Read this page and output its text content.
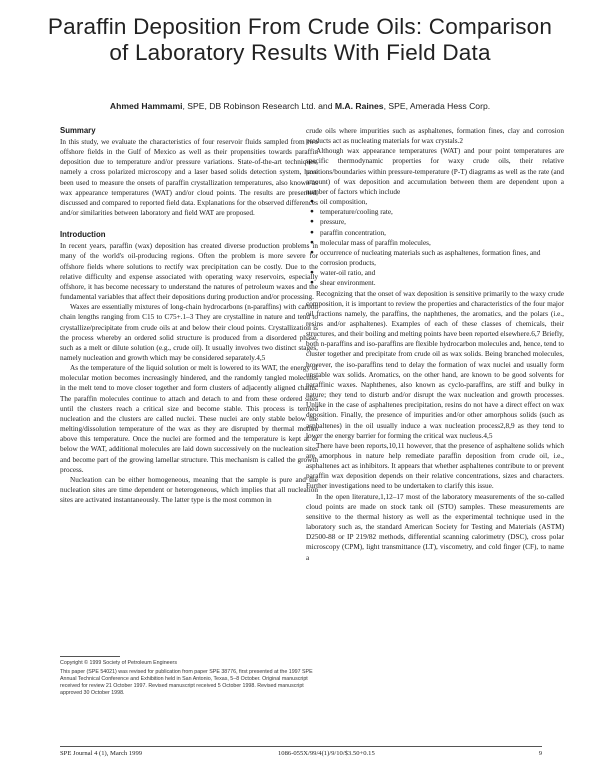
Paraffin Deposition From Crude Oils: Comparison of Laboratory Results With Field Data
Ahmed Hammami, SPE, DB Robinson Research Ltd. and M.A. Raines, SPE, Amerada Hess Corp.
Summary

In this study, we evaluate the characteristics of four reservoir fluids sampled from two offshore fields in the Gulf of Mexico as well as their propensities towards paraffin deposition due to temperature and/or pressure variations. State-of-the-art techniques, namely a cross polarized microscopy and a laser based solids detection system, have been used to measure the onsets of paraffin crystallization temperatures, also known as wax appearance temperatures (WAT) and/or cloud points. The results are presented, discussed and compared to reported field data. Explanations for the observed differences and/or similarities between laboratory and field WAT are proposed.

Introduction

In recent years, paraffin (wax) deposition has created diverse production problems in many of the world's oil-producing regions. Often the problem is more severe for offshore fields where solutions to rectify wax precipitation can be costly. Due to the relative difficulty and expense associated with operating waxy reservoirs, especially offshore, it has become necessary to understand the natures of petroleum waxes and the fundamental variables that affect their depositions during production and/or processing.

Waxes are essentially mixtures of long-chain hydrocarbons (n-paraffins) with carbon chain lengths ranging from C15 to C75+.1–3 They are crystalline in nature and tend to crystallize/precipitate from crude oils at and below their cloud points. Crystallization is the process whereby an ordered solid structure is produced from a disordered phase, such as a melt or dilute solution (e.g., crude oil). It usually involves two distinct stages, namely nucleation and growth which may be considered separately.4,5

As the temperature of the liquid solution or melt is lowered to its WAT, the energy of molecular motion becomes increasingly hindered, and the randomly tangled molecules in the melt tend to move closer together and form clusters of adjacently aligned chains. The paraffin molecules continue to attach and detach to and from these ordered sites until the clusters reach a critical size and become stable. This process is termed nucleation and the clusters are called nuclei. These nuclei are only stable below the melting/dissolution temperature of the wax as they are disrupted by thermal motion above this temperature. Once the nuclei are formed and the temperature is kept at or below the WAT, additional molecules are laid down successively on the nucleation sites and become part of the growing lamellar structure. This mechanism is called the growth process.

Nucleation can be either homogeneous, meaning that the sample is pure and the nucleation sites are time dependent or heterogeneous, which implies that all nucleation sites are activated instantaneously. The latter type is the most common in

Copyright © 1999 Society of Petroleum Engineers

This paper (SPE 54021) was revised for publication from paper SPE 38776, first presented at the 1997 SPE Annual Technical Conference and Exhibition held in San Antonio, Texas, 5–8 October. Original manuscript received for review 21 October 1997. Revised manuscript received 5 October 1998. Revised manuscript approved 30 October 1998.

crude oils where impurities such as asphaltenes, formation fines, clay and corrosion products act as nucleating materials for wax crystals.2

Although wax appearance temperatures (WAT) and pour point temperatures are specific thermodynamic properties for waxy crude oils, their relative positions/boundaries within pressure-temperature (P-T) diagrams as well as the rate (and amount) of wax deposition and accumulation between them are dependent upon a number of factors which include

● oil composition,
● temperature/cooling rate,
● pressure,
● paraffin concentration,
● molecular mass of paraffin molecules,
● occurrence of nucleating materials such as asphaltenes, formation fines, and corrosion products,
● water-oil ratio, and
● shear environment.

Recognizing that the onset of wax deposition is sensitive primarily to the waxy crude composition, it is important to review the properties and characteristics of the four major oil fractions namely, the paraffins, the naphthenes, the aromatics, and the polars (i.e., resins and/or asphaltenes). Examples of each of these classes of chemicals, their structures, and their boiling and melting points have been reported elsewhere.6,7 Briefly, both n-paraffins and iso-paraffins are flexible hydrocarbon molecules and, hence, tend to cluster together and precipitate from crude oil as wax solids. Being branched molecules, however, the iso-paraffins tend to delay the formation of wax nuclei and usually form unstable wax solids. Aromatics, on the other hand, are known to be good solvents for paraffinic waxes. Naphthenes, also known as cyclo-paraffins, are stiff and bulky in nature; they tend to disturb and/or disrupt the wax nucleation and growth processes. Unlike in the case of asphaltenes precipitation, resins do not have a direct effect on wax deposition. Finally, the presence of impurities and/or other amorphous solids (such as asphaltenes) in the oil usually induce a wax nucleation process2,8,9 as they tend to lower the energy barrier for forming the critical wax nucleus.4,5

There have been reports,10,11 however, that the presence of asphaltene solids which are amorphous in nature help remediate paraffin deposition from crude oil, i.e., asphaltenes act as inhibitors. It appears that whether asphaltenes contribute to or prevent paraffin wax deposition depends on their relative concentrations, sizes and characters. Further investigations need to be undertaken to clarify this issue.

In the open literature,1,12–17 most of the laboratory measurements of the so-called cloud points are made on stock tank oil (STO) samples. These measurements are sensitive to the thermal history as well as the experimental technique used in the laboratory such as, the standard American Society for Testing and Materials (ASTM) D2500-88 or IP 219/82 methods, differential scanning calorimetry (DSC), cross polar microscopy (CPM), light transmittance (LT), viscometry, and cold finger (CF), to name a

SPE Journal 4 (1), March 1999	1086-055X/99/4(1)/9/10/$3.50+0.15	9
